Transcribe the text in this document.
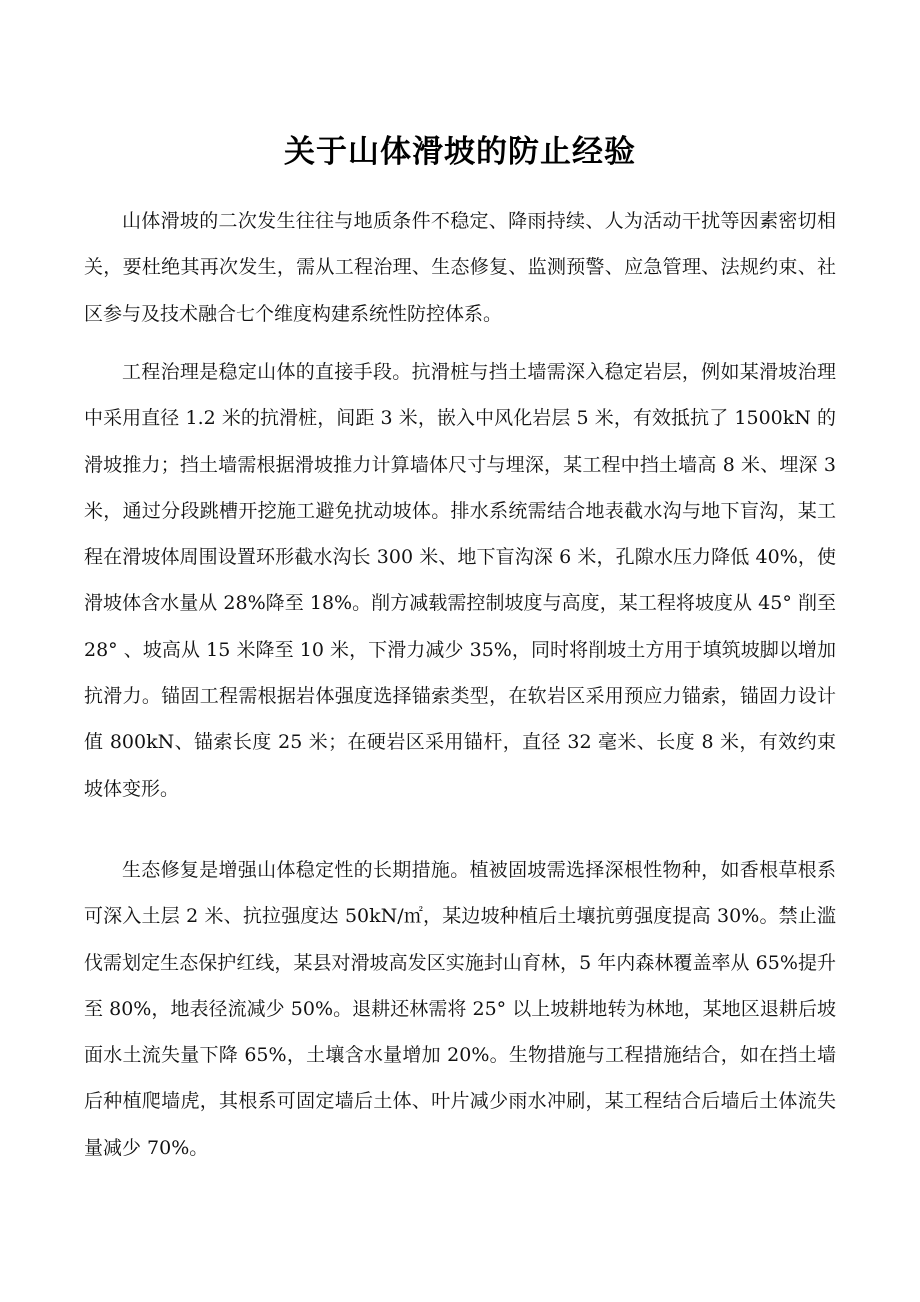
关于山体滑坡的防止经验

山体滑坡的二次发生往往与地质条件不稳定、降雨持续、人为活动干扰等因素密切相关，要杜绝其再次发生，需从工程治理、生态修复、监测预警、应急管理、法规约束、社区参与及技术融合七个维度构建系统性防控体系。

工程治理是稳定山体的直接手段。抗滑桩与挡土墙需深入稳定岩层，例如某滑坡治理中采用直径 1.2 米的抗滑桩，间距 3 米，嵌入中风化岩层 5 米，有效抵抗了 1500kN 的滑坡推力；挡土墙需根据滑坡推力计算墙体尺寸与埋深，某工程中挡土墙高 8 米、埋深 3 米，通过分段跳槽开挖施工避免扰动坡体。排水系统需结合地表截水沟与地下盲沟，某工程在滑坡体周围设置环形截水沟长 300 米、地下盲沟深 6 米，孔隙水压力降低 40%，使滑坡体含水量从 28%降至 18%。削方减载需控制坡度与高度，某工程将坡度从 45° 削至 28° 、坡高从 15 米降至 10 米，下滑力减少 35%，同时将削坡土方用于填筑坡脚以增加抗滑力。锚固工程需根据岩体强度选择锚索类型，在软岩区采用预应力锚索，锚固力设计值 800kN、锚索长度 25 米；在硬岩区采用锚杆，直径 32 毫米、长度 8 米，有效约束坡体变形。

生态修复是增强山体稳定性的长期措施。植被固坡需选择深根性物种，如香根草根系可深入土层 2 米、抗拉强度达 50kN/㎡，某边坡种植后土壤抗剪强度提高 30%。禁止滥伐需划定生态保护红线，某县对滑坡高发区实施封山育林，5 年内森林覆盖率从 65%提升至 80%，地表径流减少 50%。退耕还林需将 25° 以上坡耕地转为林地，某地区退耕后坡面水土流失量下降 65%，土壤含水量增加 20%。生物措施与工程措施结合，如在挡土墙后种植爬墙虎，其根系可固定墙后土体、叶片减少雨水冲刷，某工程结合后墙后土体流失量减少 70%。
